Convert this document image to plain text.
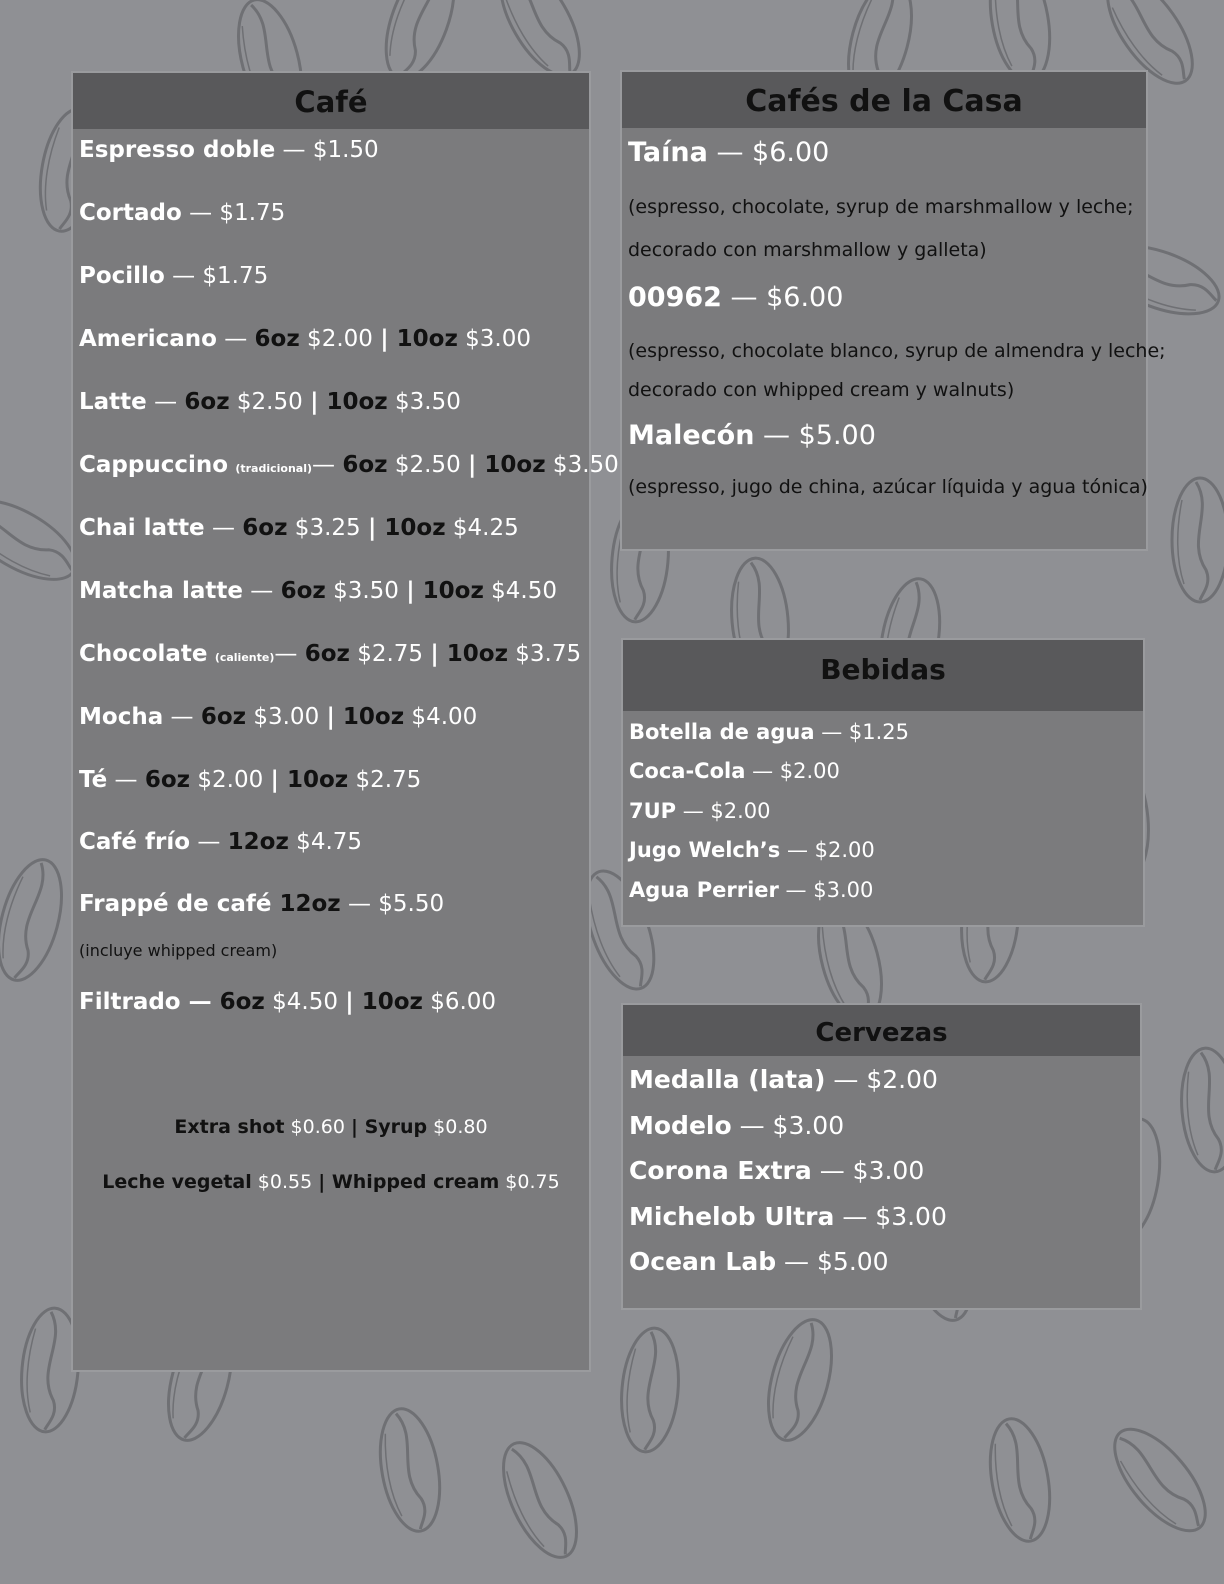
Café
Espresso doble — $1.50
Cortado — $1.75
Pocillo — $1.75
Americano — 6oz $2.00 | 10oz $3.00
Latte — 6oz $2.50 | 10oz $3.50
Cappuccino (tradicional)— 6oz $2.50 | 10oz $3.50
Chai latte — 6oz $3.25 | 10oz $4.25
Matcha latte — 6oz $3.50 | 10oz $4.50
Chocolate (caliente)— 6oz $2.75 | 10oz $3.75
Mocha — 6oz $3.00 | 10oz $4.00
Té — 6oz $2.00 | 10oz $2.75
Café frío — 12oz $4.75
Frappé de café 12oz — $5.50
(incluye whipped cream)
Filtrado — 6oz $4.50 | 10oz $6.00
Extra shot $0.60 | Syrup $0.80
Leche vegetal $0.55 | Whipped cream $0.75
Cafés de la Casa
Taína — $6.00
(espresso, chocolate, syrup de marshmallow y leche;
decorado con marshmallow y galleta)
00962 — $6.00
(espresso, chocolate blanco, syrup de almendra y leche;
decorado con whipped cream y walnuts)
Malecón — $5.00
(espresso, jugo de china, azúcar líquida y agua tónica)
Bebidas
Botella de agua — $1.25
Coca-Cola — $2.00
7UP — $2.00
Jugo Welch’s — $2.00
Agua Perrier — $3.00
Cervezas
Medalla (lata) — $2.00
Modelo — $3.00
Corona Extra — $3.00
Michelob Ultra — $3.00
Ocean Lab — $5.00
